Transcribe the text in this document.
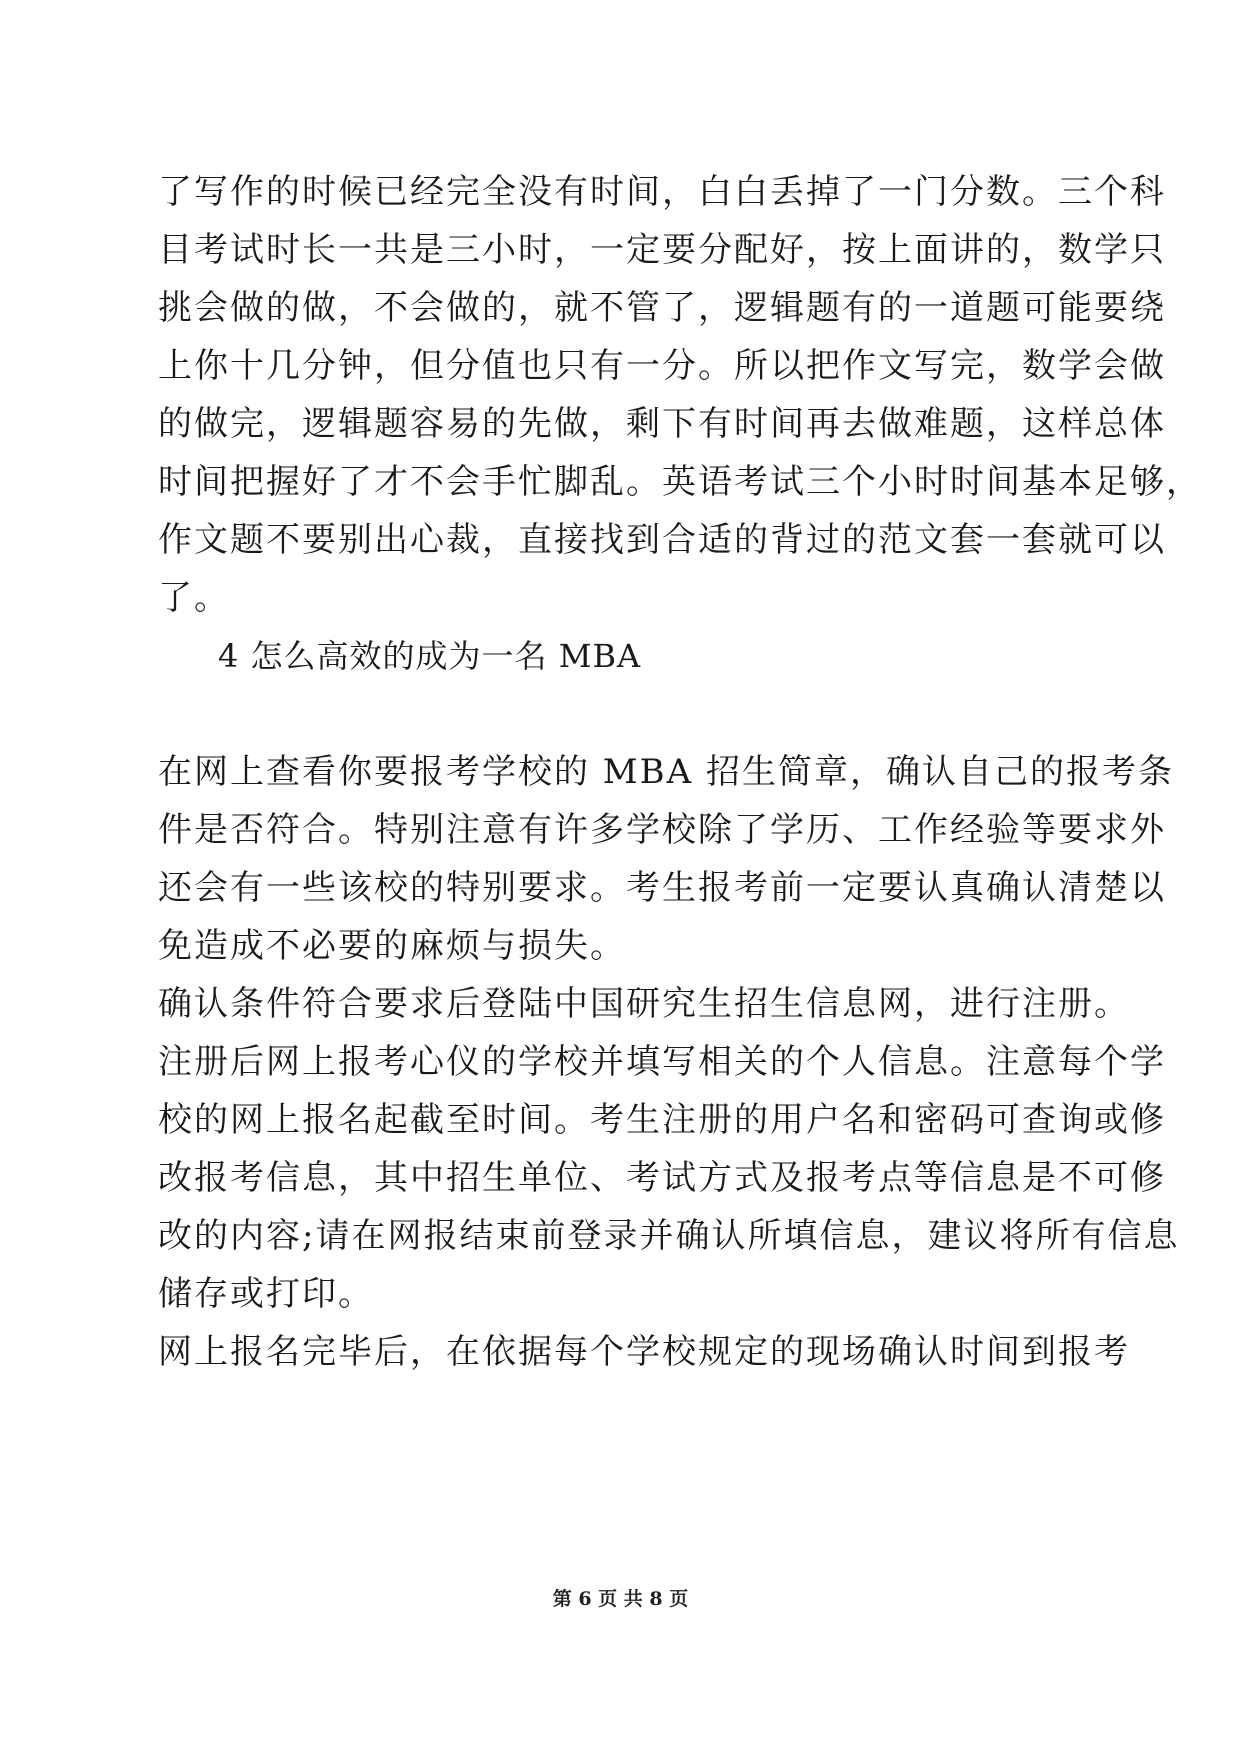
了写作的时候已经完全没有时间，白白丢掉了一门分数。三个科
目考试时长一共是三小时，一定要分配好，按上面讲的，数学只
挑会做的做，不会做的，就不管了，逻辑题有的一道题可能要绕
上你十几分钟，但分值也只有一分。所以把作文写完，数学会做
的做完，逻辑题容易的先做，剩下有时间再去做难题，这样总体
时间把握好了才不会手忙脚乱。英语考试三个小时时间基本足够，
作文题不要别出心裁，直接找到合适的背过的范文套一套就可以
了。
4 怎么高效的成为一名 MBA
在网上查看你要报考学校的 MBA 招生简章，确认自己的报考条
件是否符合。特别注意有许多学校除了学历、工作经验等要求外
还会有一些该校的特别要求。考生报考前一定要认真确认清楚以
免造成不必要的麻烦与损失。
确认条件符合要求后登陆中国研究生招生信息网，进行注册。
注册后网上报考心仪的学校并填写相关的个人信息。注意每个学
校的网上报名起截至时间。考生注册的用户名和密码可查询或修
改报考信息，其中招生单位、考试方式及报考点等信息是不可修
改的内容;请在网报结束前登录并确认所填信息，建议将所有信息
储存或打印。
网上报名完毕后，在依据每个学校规定的现场确认时间到报考
第 6 页 共 8 页
